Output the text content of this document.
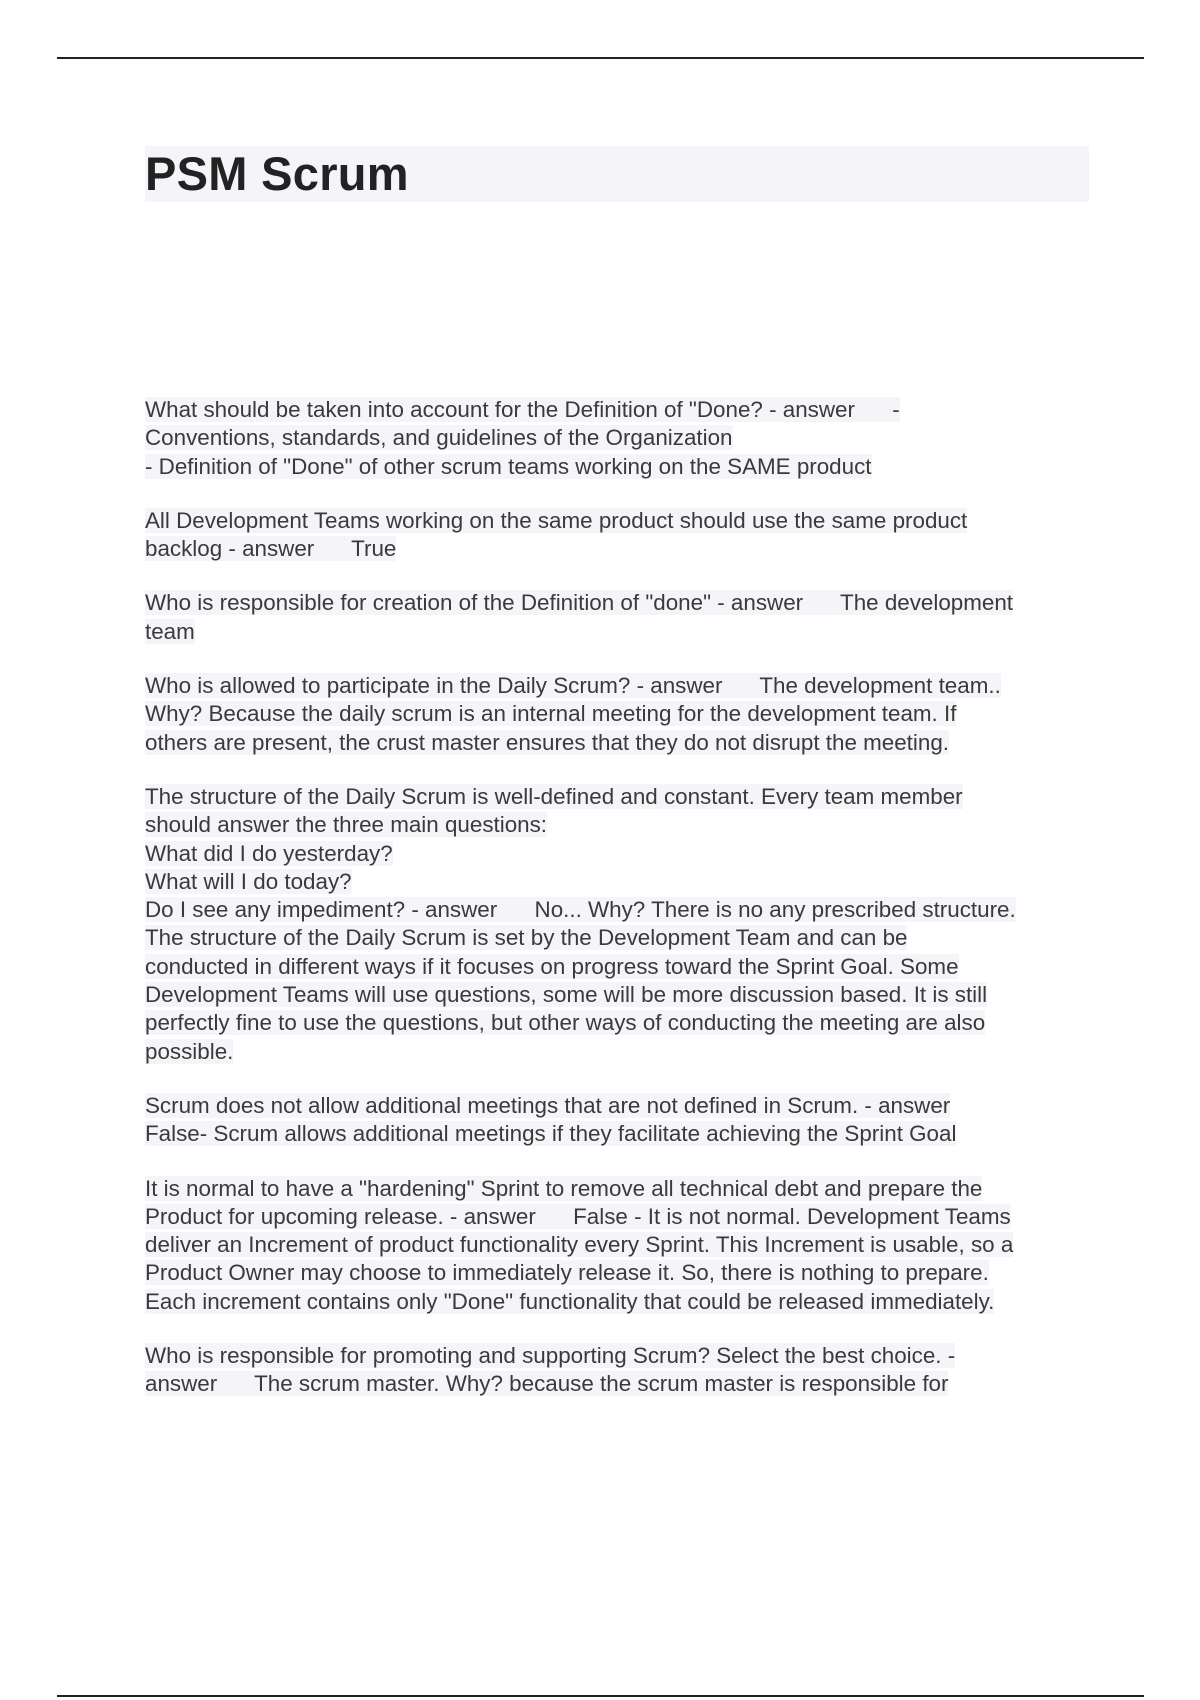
PSM Scrum

What should be taken into account for the Definition of "Done? - answer      -
Conventions, standards, and guidelines of the Organization
- Definition of "Done" of other scrum teams working on the SAME product

All Development Teams working on the same product should use the same product
backlog - answer      True

Who is responsible for creation of the Definition of "done" - answer      The development
team

Who is allowed to participate in the Daily Scrum? - answer      The development team..
Why? Because the daily scrum is an internal meeting for the development team. If
others are present, the crust master ensures that they do not disrupt the meeting.

The structure of the Daily Scrum is well-defined and constant. Every team member
should answer the three main questions:
What did I do yesterday?
What will I do today?
Do I see any impediment? - answer      No... Why? There is no any prescribed structure.
The structure of the Daily Scrum is set by the Development Team and can be
conducted in different ways if it focuses on progress toward the Sprint Goal. Some
Development Teams will use questions, some will be more discussion based. It is still
perfectly fine to use the questions, but other ways of conducting the meeting are also
possible.

Scrum does not allow additional meetings that are not defined in Scrum. - answer
False- Scrum allows additional meetings if they facilitate achieving the Sprint Goal

It is normal to have a "hardening" Sprint to remove all technical debt and prepare the
Product for upcoming release. - answer      False - It is not normal. Development Teams
deliver an Increment of product functionality every Sprint. This Increment is usable, so a
Product Owner may choose to immediately release it. So, there is nothing to prepare.
Each increment contains only "Done" functionality that could be released immediately.

Who is responsible for promoting and supporting Scrum? Select the best choice. -
answer      The scrum master. Why? because the scrum master is responsible for
